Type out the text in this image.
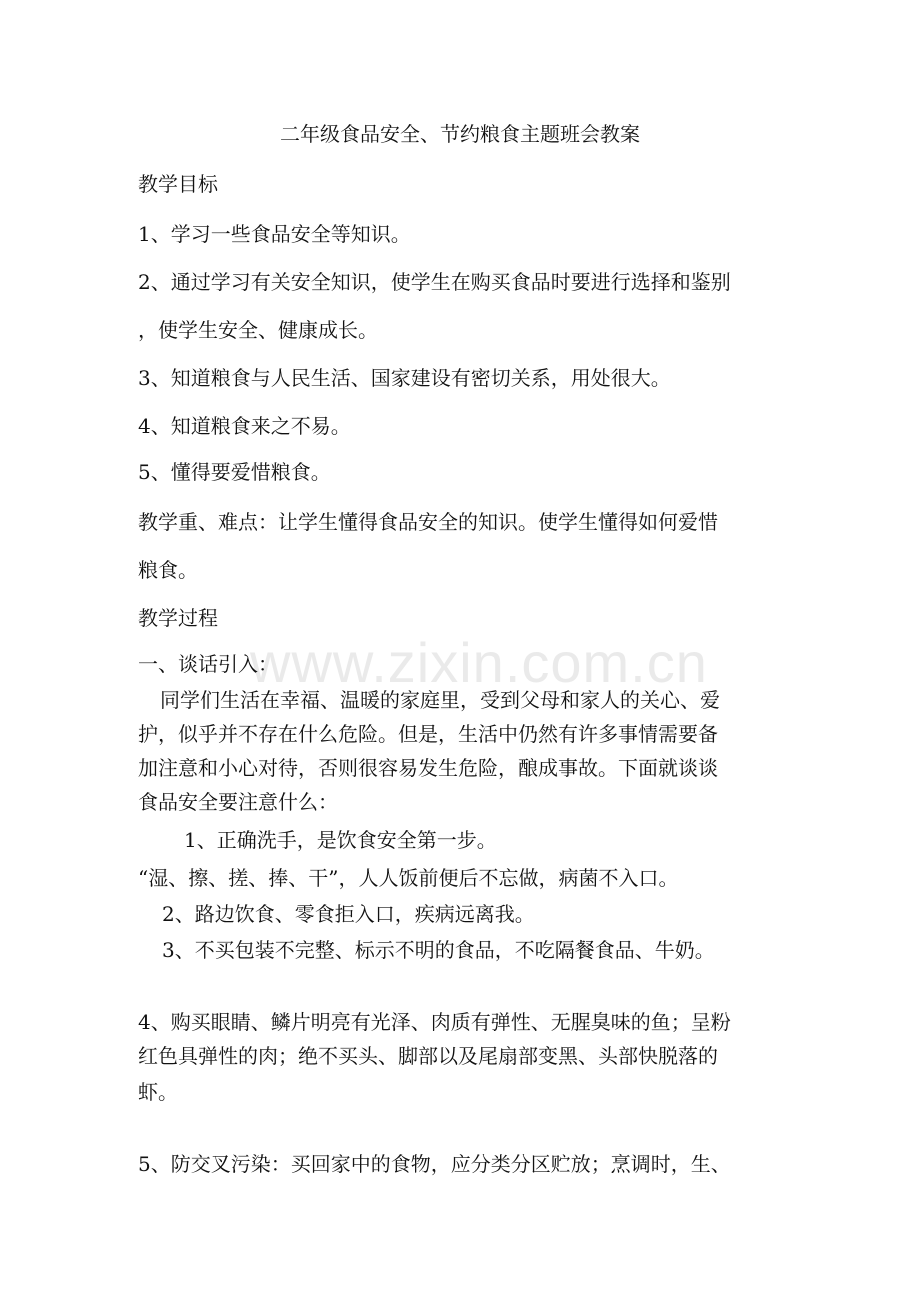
二年级食品安全、节约粮食主题班会教案
www.zixin.com.cn
教学目标
1、学习一些食品安全等知识。
2、通过学习有关安全知识，使学生在购买食品时要进行选择和鉴别
，使学生安全、健康成长。
3、知道粮食与人民生活、国家建设有密切关系，用处很大。
4、知道粮食来之不易。
5、懂得要爱惜粮食。
教学重、难点：让学生懂得食品安全的知识。使学生懂得如何爱惜
粮食。
教学过程
一、谈话引入：
同学们生活在幸福、温暖的家庭里，受到父母和家人的关心、爱
护，似乎并不存在什么危险。但是，生活中仍然有许多事情需要备
加注意和小心对待，否则很容易发生危险，酿成事故。下面就谈谈
食品安全要注意什么：
1、正确洗手，是饮食安全第一步。
“湿、擦、搓、捧、干”，人人饭前便后不忘做，病菌不入口。
2、路边饮食、零食拒入口，疾病远离我。
3、不买包装不完整、标示不明的食品，不吃隔餐食品、牛奶。
4、购买眼睛、鳞片明亮有光泽、肉质有弹性、无腥臭味的鱼；呈粉
红色具弹性的肉；绝不买头、脚部以及尾扇部变黑、头部快脱落的
虾。
5、防交叉污染：买回家中的食物，应分类分区贮放；烹调时，生、
